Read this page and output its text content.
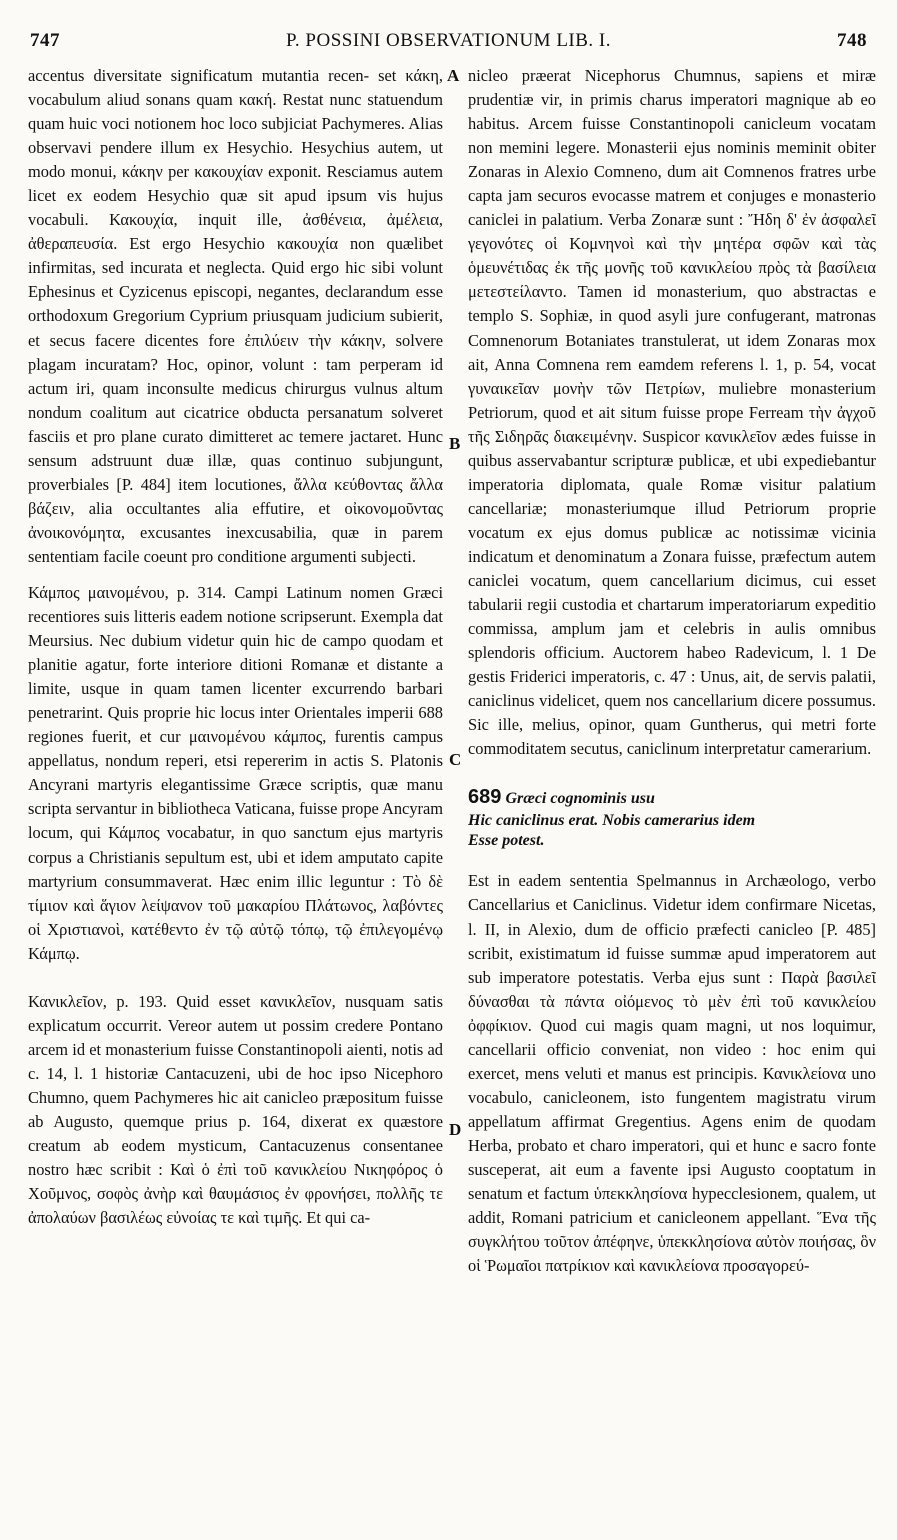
747	P. POSSINI OBSERVATIONUM LIB. I.	748
A
B
C
D

accentus diversitate significatum mutantia recen- set κάκη, vocabulum aliud sonans quam κακή. Restat nunc statuendum quam huic voci notionem hoc loco subjiciat Pachymeres. Alias observavi pendere illum ex Hesychio. Hesychius autem, ut modo monui, κάκην per κακουχίαν exponit. Resciamus autem licet ex eodem Hesychio quæ sit apud ipsum vis hujus vocabuli. Κακουχία, inquit ille, ἀσθένεια, ἀμέλεια, ἀθεραπευσία. Est ergo Hesychio κακουχία non quælibet infirmitas, sed incurata et neglecta. Quid ergo hic sibi volunt Ephesinus et Cyzicenus episcopi, negantes, declarandum esse orthodoxum Gregorium Cyprium priusquam judicium subierit, et secus facere dicentes fore ἐπιλύειν τὴν κάκην, solvere plagam incuratam? Hoc, opinor, volunt : tam perperam id actum iri, quam inconsulte medicus chirurgus vulnus altum nondum coalitum aut cicatrice obducta persanatum solveret fasciis et pro plane curato dimitteret ac temere jactaret. Hunc sensum adstruunt duæ illæ, quas continuo subjungunt, proverbiales [P. 484] item locutiones, ἄλλα κεύθοντας ἄλλα βάζειν, alia occultantes alia effutire, et οἰκονομοῦντας ἀνοικονόμητα, excusantes inexcusabilia, quæ in parem sententiam facile coeunt pro conditione argumenti subjecti.

Κάμπος μαινομένου, p. 314. Campi Latinum nomen Græci recentiores suis litteris eadem notione scripserunt. Exempla dat Meursius. Nec dubium videtur quin hic de campo quodam et planitie agatur, forte interiore ditioni Romanæ et distante a limite, usque in quam tamen licenter excurrendo barbari penetrarint. Quis proprie hic locus inter Orientales imperii 688 regiones fuerit, et cur μαινομένου κάμπος, furentis campus appellatus, nondum reperi, etsi repererim in actis S. Platonis Ancyrani martyris elegantissime Græce scriptis, quæ manu scripta servantur in bibliotheca Vaticana, fuisse prope Ancyram locum, qui Κάμπος vocabatur, in quo sanctum ejus martyris corpus a Christianis sepultum est, ubi et idem amputato capite martyrium consummaverat. Hæc enim illic leguntur : Τὸ δὲ τίμιον καὶ ἅγιον λείψανον τοῦ μακαρίου Πλάτωνος, λαβόντες οἱ Χριστιανοὶ, κατέθεντο ἐν τῷ αὐτῷ τόπῳ, τῷ ἐπιλεγομένῳ Κάμπῳ.

Κανικλεῖον, p. 193. Quid esset κανικλεῖον, nusquam satis explicatum occurrit. Vereor autem ut possim credere Pontano arcem id et monasterium fuisse Constantinopoli aienti, notis ad c. 14, l. 1 historiæ Cantacuzeni, ubi de hoc ipso Nicephoro Chumno, quem Pachymeres hic ait canicleo præpositum fuisse ab Augusto, quemque prius p. 164, dixerat ex quæstore creatum ab eodem mysticum, Cantacuzenus consentanee nostro hæc scribit : Καὶ ὁ ἐπὶ τοῦ κανικλείου Νικηφόρος ὁ Χοῦμνος, σοφὸς ἀνὴρ καὶ θαυμάσιος ἐν φρονήσει, πολλῆς τε ἀπολαύων βασιλέως εὐνοίας τε καὶ τιμῆς. Et qui ca-

nicleo præerat Nicephorus Chumnus, sapiens et miræ prudentiæ vir, in primis charus imperatori magnique ab eo habitus. Arcem fuisse Constantinopoli canicleum vocatam non memini legere. Monasterii ejus nominis meminit obiter Zonaras in Alexio Comneno, dum ait Comnenos fratres urbe capta jam securos evocasse matrem et conjuges e monasterio caniclei in palatium. Verba Zonaræ sunt : Ἤδη δ' ἐν ἀσφαλεῖ γεγονότες οἱ Κομνηνοὶ καὶ τὴν μητέρα σφῶν καὶ τὰς ὁμευνέτιδας ἐκ τῆς μονῆς τοῦ κανικλείου πρὸς τὰ βασίλεια μετεστείλαντο. Tamen id monasterium, quo abstractas e templo S. Sophiæ, in quod asyli jure confugerant, matronas Comnenorum Botaniates transtulerat, ut idem Zonaras mox ait, Anna Comnena rem eamdem referens l. 1, p. 54, vocat γυναικεῖαν μονὴν τῶν Πετρίων, muliebre monasterium Petriorum, quod et ait situm fuisse prope Ferream τὴν ἀγχοῦ τῆς Σιδηρᾶς διακειμένην. Suspicor κανικλεῖον ædes fuisse in quibus asservabantur scripturæ publicæ, et ubi expediebantur imperatoria diplomata, quale Romæ visitur palatium cancellariæ; monasteriumque illud Petriorum proprie vocatum ex ejus domus publicæ ac notissimæ vicinia indicatum et denominatum a Zonara fuisse, præfectum autem caniclei vocatum, quem cancellarium dicimus, cui esset tabularii regii custodia et chartarum imperatoriarum expeditio commissa, amplum jam et celebris in aulis omnibus splendoris officium. Auctorem habeo Radevicum, l. 1 De gestis Friderici imperatoris, c. 47 : Unus, ait, de servis palatii, caniclinus videlicet, quem nos cancellarium dicere possumus. Sic ille, melius, opinor, quam Guntherus, qui metri forte commoditatem secutus, caniclinum interpretatur camerarium.

689 Græci cognominis usu
Hic caniclinus erat. Nobis camerarius idem
Esse potest.

Est in eadem sententia Spelmannus in Archæologo, verbo Cancellarius et Caniclinus. Videtur idem confirmare Nicetas, l. II, in Alexio, dum de officio præfecti canicleo [P. 485] scribit, existimatum id fuisse summæ apud imperatorem aut sub imperatore potestatis. Verba ejus sunt : Παρὰ βασιλεῖ δύνασθαι τὰ πάντα οἰόμενος τὸ μὲν ἐπὶ τοῦ κανικλείου ὀφφίκιον. Quod cui magis quam magni, ut nos loquimur, cancellarii officio conveniat, non video : hoc enim qui exercet, mens veluti et manus est principis. Κανικλείονα uno vocabulo, canicleonem, isto fungentem magistratu virum appellatum affirmat Gregentius. Agens enim de quodam Herba, probato et charo imperatori, qui et hunc e sacro fonte susceperat, ait eum a favente ipsi Augusto cooptatum in senatum et factum ὑπεκκλησίονα hypecclesionem, qualem, ut addit, Romani patricium et canicleonem appellant. Ἕνα τῆς συγκλήτου τοῦτον ἀπέφηνε, ὑπεκκλησίονα αὐτὸν ποιήσας, ὃν οἱ Ῥωμαῖοι πατρίκιον καὶ κανικλείονα προσαγορεύ-
